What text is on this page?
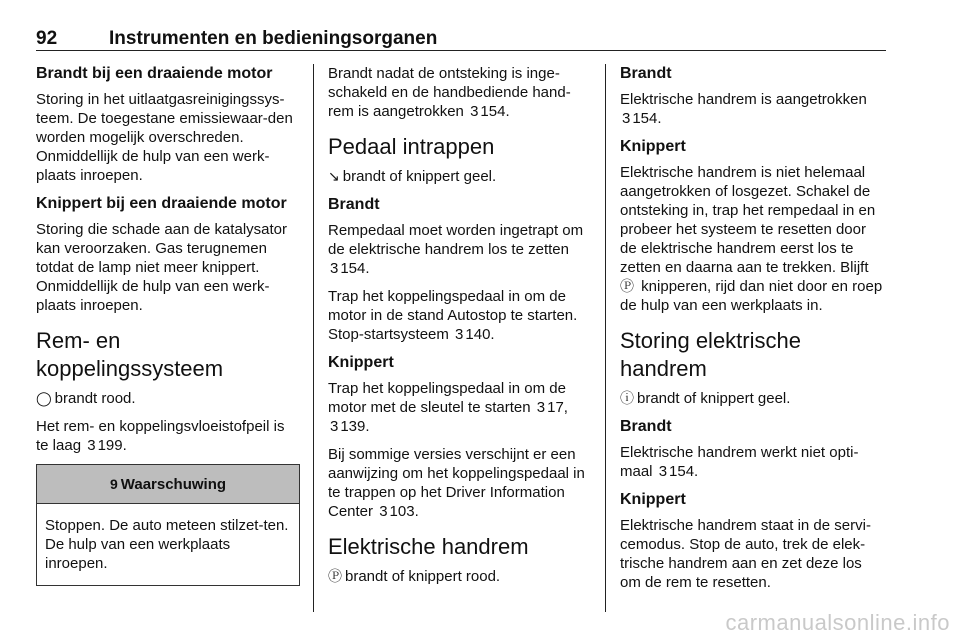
92	Instrumenten en bedieningsorganen
Brandt bij een draaiende motor

Storing in het uitlaatgasreinigingssys-teem. De toegestane emissiewaar-den worden mogelijk overschreden. Onmiddellijk de hulp van een werk-plaats inroepen.

Knippert bij een draaiende motor

Storing die schade aan de katalysator kan veroorzaken. Gas terugnemen totdat de lamp niet meer knippert. Onmiddellijk de hulp van een werk-plaats inroepen.

Rem- en koppelingssysteem

◯ brandt rood.

Het rem- en koppelingsvloeistofpeil is te laag 3 199.

9 Waarschuwing
Stoppen. De auto meteen stilzet-ten. De hulp van een werkplaats inroepen.

Brandt nadat de ontsteking is inge-schakeld en de handbediende hand-rem is aangetrokken 3 154.

Pedaal intrappen

↘ brandt of knippert geel.

Brandt

Rempedaal moet worden ingetrapt om de elektrische handrem los te zetten 3 154.

Trap het koppelingspedaal in om de motor in de stand Autostop te starten. Stop-startsysteem 3 140.

Knippert

Trap het koppelingspedaal in om de motor met de sleutel te starten 3 17, 3 139.

Bij sommige versies verschijnt er een aanwijzing om het koppelingspedaal in te trappen op het Driver Information Center 3 103.

Elektrische handrem

Ⓟ brandt of knippert rood.

Brandt

Elektrische handrem is aangetrokken 3 154.

Knippert

Elektrische handrem is niet helemaal aangetrokken of losgezet. Schakel de ontsteking in, trap het rempedaal in en probeer het systeem te resetten door de elektrische handrem eerst los te zetten en daarna aan te trekken. Blijft Ⓟ knipperen, rijd dan niet door en roep de hulp van een werkplaats in.

Storing elektrische handrem

ⓘ brandt of knippert geel.

Brandt

Elektrische handrem werkt niet opti-maal 3 154.

Knippert

Elektrische handrem staat in de servi-cemodus. Stop de auto, trek de elek-trische handrem aan en zet deze los om de rem te resetten.

carmanualsonline.info
